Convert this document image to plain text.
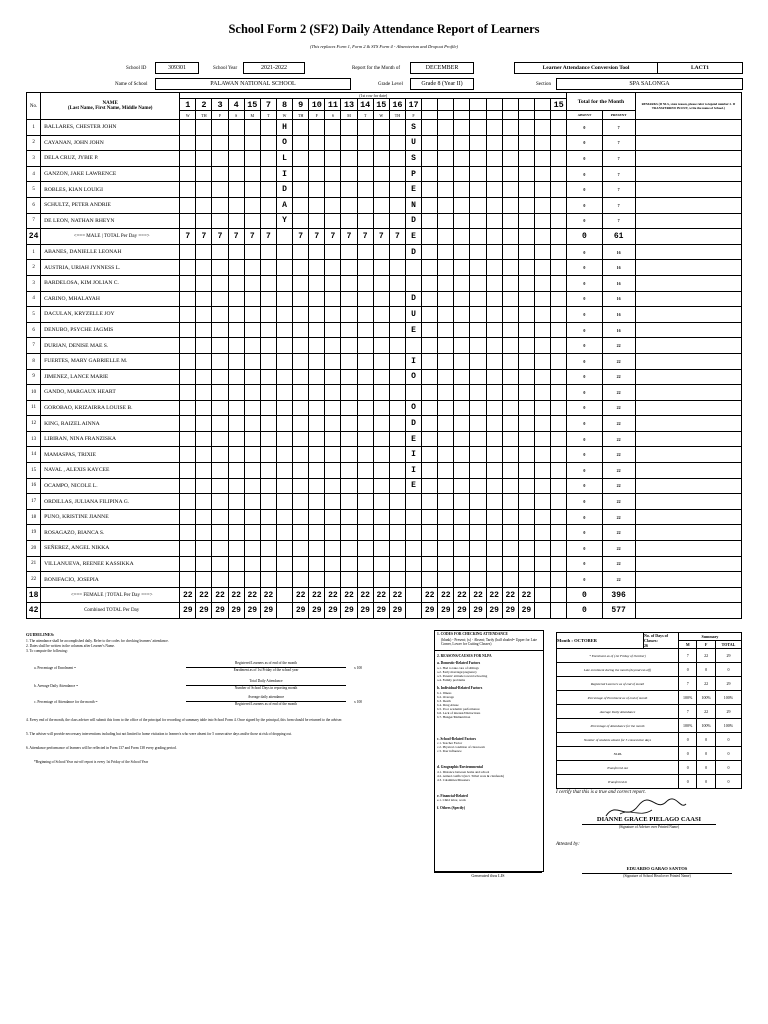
School Form 2 (SF2) Daily Attendance Report of Learners
(This replaces Form 1, Form 2 & STS Form 4 - Absenteeism and Dropout Profile)
School ID	309301	School Year	2021-2022	Report for the Month of	DECEMBER	Learner Attendance Conversion Tool	LACT1
Name of School	PALAWAN NATIONAL SCHOOL	Grade Level	Grade 8 (Year II)	Section	SPA SALONGA
No.	NAME
(Last Name, First Name, Middle Name)	(1st row for date)																								Total for the Month		REMARKS (If NLS, state reason, please refer to legend number 2. If TRANSFERRED IN/OUT, write the name of School.)
		1	2	3	4	15	7	8	9	10	11	13	14	15	16	17									15			
		W	TH	F	S	M	T	W	TH	F	S	M	T	W	TH	F										ABSENT	PRESENT	
1	BALLARES, CHESTER JOHN							H								S										0	7	
2	CAYANAN, JOHN JOHN							O								U										0	7	
3	DELA CRUZ, JYBIE P.							L								S										0	7	
4	GANZON, JAKE LAWRENCE							I								P										0	7	
5	ROBLES, KIAN LOUIGI							D								E										0	7	
6	SCHULTZ, PETER ANDRIE							A								N										0	7	
7	DE LEON, NATHAN RHEYN							Y								D										0	7	
24	<=== MALE | TOTAL Per Day ===>	7	7	7	7	7	7		7	7	7	7	7	7	7	E										0	61	
1	ABANES, DANIELLE LEONAH															D										0	16	
2	AUSTRIA, URIAH JYNNESS L.																									0	16	
3	BARDELOSA, KIM JOLIAN C.																									0	16	
4	CARINO, MHALAYAH															D										0	16	
5	DACULAN, KRYZELLE JOY															U										0	16	
6	DENUBO, PSYCHE JAGMIS															E										0	16	
7	DURIAN, DENISE MAE S.																									0	22	
8	FUERTES, MARY GABRIELLE M.															I										0	22	
9	JIMENEZ, LANCE MARIE															O										0	22	
10	GANDO, MARGAUX HEART																									0	22	
11	GOROBAO, KRIZAIRRA LOUISE B.															O										0	22	
12	KING, RAIZEL AINNA															D										0	22	
13	LIBIRAN, NINA FRANZISKA															E										0	22	
14	MAMASPAS, TRIXIE															I										0	22	
15	NAVAL , ALEXIS KAYCEE															I										0	22	
16	OCAMPO, NICOLE L.															E										0	22	
17	ORDILLAS, JULIANA FILIPINA G.																									0	22	
18	PUNO, KRISTINE JIANNE																									0	22	
19	ROSAGAZO, BIANCA S.																									0	22	
20	SEÑEREZ, ANGEL NIKKA																									0	22	
21	VILLANUEVA, REENEE KASSIKKA																									0	22	
22	BONIFACIO, JOSEPIA																									0	22	
18	<=== FEMALE | TOTAL Per Day ===>	22	22	22	22	22	22		22	22	22	22	22	22	22		22	22	22	22	22	22	22			0	396	
42	Combined TOTAL Per Day	29	29	29	29	29	29		29	29	29	29	29	29	29		29	29	29	29	29	29	29			0	577	
GUIDELINES:
1. The attendance shall be accomplished daily. Refer to the codes for checking learners' attendance.
2. Dates shall be written in the columns after Learner's Name.
3. To compute the following:
a. Percentage of Enrolment =
Registered Learners as of end of the month
Enrolment as of 1st Friday of the school year	x 100
b. Average Daily Attendance =
Total Daily Attendance
Number of School Days in reporting month
c. Percentage of Attendance for the month =
Average daily attendance
Registered Learners as of end of the month	x 100
4. Every end of the month, the class adviser will submit this form to the office of the principal for recording of summary table into School Form 4. Once signed by the principal, this form should be returned to the adviser.
5. The adviser will provide neccessary interventions including but not limited to home visitation to learner/s who were absent for 5 consecutive days and/or those at risk of dropping out.
6. Attendance performance of learners will be reflected in Form 137 and Form 138 every grading period.
*Beginning of School Year cut-off report is every 1st Friday of the School Year
1. CODES FOR CHECKING ATTENDANCE
(blank) - Present; (x) - Absent; Tardy (half shaded= Upper for Late Comer, Lower for Cutting Classes)
2. REASONS/CAUSES FOR NLPA
a. Domestic-Related Factors
a.1. Had to take care of siblings
a.2. Early marriage/pregnancy
a.3. Parents' attitude toward schooling
a.4. Family problems
b. Individual-Related Factors
b.1. Illness
b.2. Overage
b.3. Death
b.4. Drug Abuse
b.5. Poor academic performance
b.6. Lack of interest/Distractions
b.7. Hunger/Malnutrition
c. School-Related Factors
c.1. Teacher Factor
c.2. Physical condition of classroom
c.3. Peer influence
d. Geographic/Environmental
d.1. Distance between home and school
d.2. Armed conflict (incl. Tribal wars & clanfeuds)
d.3. Calamities/Disasters
e. Financial-Related
e.1. Child labor, work
f. Others (Specify)
Generated thru LIS
Month : OCTOBER	No. of Days of Classes:
26	Summary		
		M	F	TOTAL
* Enrolment as of (1st Friday of October)		7	22	29
Late enrolment during the month (beyond cut-off)		0	0	0
Registered Learners as of end of month		7	22	29
Percentage of Enrolment as of end of month		100%	100%	100%
Average Daily Attendance		7	22	29
Percentage of Attendance for the month		100%	100%	100%
Number of students absent for 5 consecutive days		0	0	0
NLPA		0	0	0
Transferred out		0	0	0
Transferred in		0	0	0
I certify that this is a true and correct report.
DIANNE GRACE PIELAGO CAASI
(Signature of Adviser over Printed Name)
Attested by:
EDUARDO GABAO SANTOS
(Signature of School Head over Printed Name)
